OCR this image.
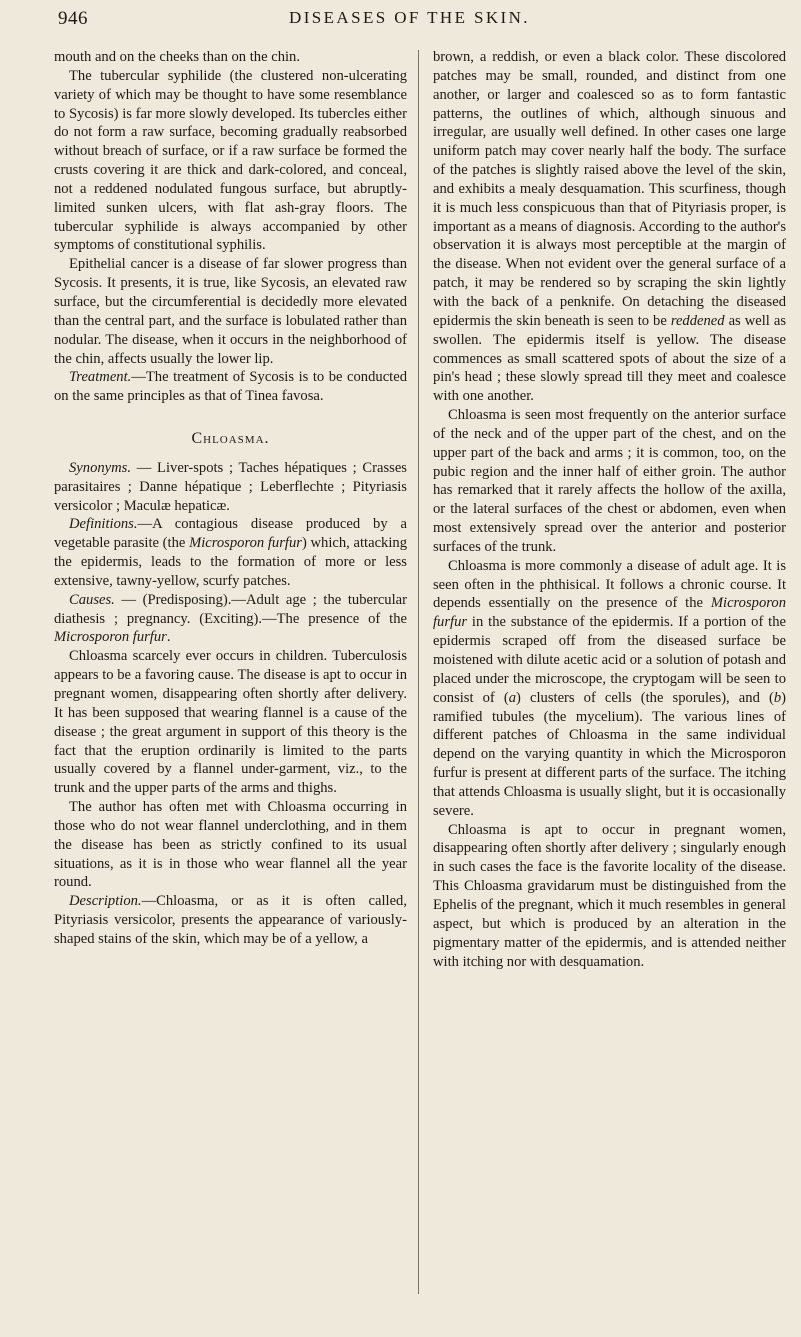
946	DISEASES OF THE SKIN.

mouth and on the cheeks than on the chin.

The tubercular syphilide (the clustered non-ulcerating variety of which may be thought to have some resemblance to Sycosis) is far more slowly developed. Its tubercles either do not form a raw surface, becoming gradually reabsorbed without breach of surface, or if a raw surface be formed the crusts covering it are thick and dark-colored, and conceal, not a reddened nodulated fungous surface, but abruptly-limited sunken ulcers, with flat ash-gray floors. The tubercular syphilide is always accompanied by other symptoms of constitutional syphilis.

Epithelial cancer is a disease of far slower progress than Sycosis. It presents, it is true, like Sycosis, an elevated raw surface, but the circumferential is decidedly more elevated than the central part, and the surface is lobulated rather than nodular. The disease, when it occurs in the neighborhood of the chin, affects usually the lower lip.

Treatment.—The treatment of Sycosis is to be conducted on the same principles as that of Tinea favosa.

Chloasma.

Synonyms. — Liver-spots ; Taches hépatiques ; Crasses parasitaires ; Danne hépatique ; Leberflechte ; Pityriasis versicolor ; Maculæ hepaticæ.

Definitions.—A contagious disease produced by a vegetable parasite (the Microsporon furfur) which, attacking the epidermis, leads to the formation of more or less extensive, tawny-yellow, scurfy patches.

Causes. — (Predisposing).—Adult age ; the tubercular diathesis ; pregnancy. (Exciting).—The presence of the Microsporon furfur.

Chloasma scarcely ever occurs in children. Tuberculosis appears to be a favoring cause. The disease is apt to occur in pregnant women, disappearing often shortly after delivery. It has been supposed that wearing flannel is a cause of the disease ; the great argument in support of this theory is the fact that the eruption ordinarily is limited to the parts usually covered by a flannel under-garment, viz., to the trunk and the upper parts of the arms and thighs.

The author has often met with Chloasma occurring in those who do not wear flannel underclothing, and in them the disease has been as strictly confined to its usual situations, as it is in those who wear flannel all the year round.

Description.—Chloasma, or as it is often called, Pityriasis versicolor, presents the appearance of variously-shaped stains of the skin, which may be of a yellow, a

brown, a reddish, or even a black color. These discolored patches may be small, rounded, and distinct from one another, or larger and coalesced so as to form fantastic patterns, the outlines of which, although sinuous and irregular, are usually well defined. In other cases one large uniform patch may cover nearly half the body. The surface of the patches is slightly raised above the level of the skin, and exhibits a mealy desquamation. This scurfiness, though it is much less conspicuous than that of Pityriasis proper, is important as a means of diagnosis. According to the author's observation it is always most perceptible at the margin of the disease. When not evident over the general surface of a patch, it may be rendered so by scraping the skin lightly with the back of a penknife. On detaching the diseased epidermis the skin beneath is seen to be reddened as well as swollen. The epidermis itself is yellow. The disease commences as small scattered spots of about the size of a pin's head ; these slowly spread till they meet and coalesce with one another.

Chloasma is seen most frequently on the anterior surface of the neck and of the upper part of the chest, and on the upper part of the back and arms ; it is common, too, on the pubic region and the inner half of either groin. The author has remarked that it rarely affects the hollow of the axilla, or the lateral surfaces of the chest or abdomen, even when most extensively spread over the anterior and posterior surfaces of the trunk.

Chloasma is more commonly a disease of adult age. It is seen often in the phthisical. It follows a chronic course. It depends essentially on the presence of the Microsporon furfur in the substance of the epidermis. If a portion of the epidermis scraped off from the diseased surface be moistened with dilute acetic acid or a solution of potash and placed under the microscope, the cryptogam will be seen to consist of (a) clusters of cells (the sporules), and (b) ramified tubules (the mycelium). The various lines of different patches of Chloasma in the same individual depend on the varying quantity in which the Microsporon furfur is present at different parts of the surface. The itching that attends Chloasma is usually slight, but it is occasionally severe.

Chloasma is apt to occur in pregnant women, disappearing often shortly after delivery ; singularly enough in such cases the face is the favorite locality of the disease. This Chloasma gravidarum must be distinguished from the Ephelis of the pregnant, which it much resembles in general aspect, but which is produced by an alteration in the pigmentary matter of the epidermis, and is attended neither with itching nor with desquamation.
